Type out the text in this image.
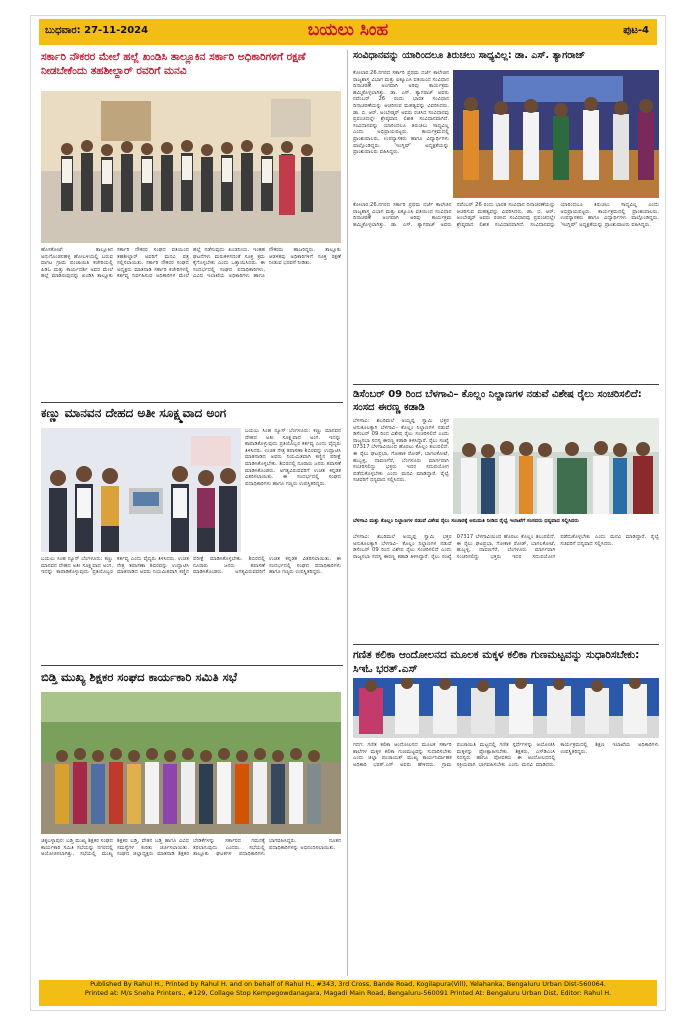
ಬುಧವಾರ: 27-11-2024	ಬಯಲು ಸಿಂಹ	ಪುಟ-4
ಸರ್ಕಾರಿ ನೌಕರರ ಮೇಲೆ ಹಲ್ಲೆ ಖಂಡಿಸಿ ತಾಲ್ಲೂಕಿನ ಸರ್ಕಾರಿ ಅಧಿಕಾರಿಗಳಿಗೆ ರಕ್ಷಣೆ ನೀಡಬೇಕೆಂದು ತಹಶೀಲ್ದಾರ್ ರವರಿಗೆ ಮನವಿ
ಹೊಸಕೋಟೆ: ತಾಲ್ಲೂಕಿನ ಅನುಗೊಂಡನಹಳ್ಳಿ ಹೋಬಳಿಯಲ್ಲಿ ಬರುವ ವಾಗಟ ಗ್ರಾಮ ಪಂಚಾಯಿತಿ ಕಚೇರಿಯಲ್ಲಿ ಪಿಡಿಓ ಮತ್ತು ಕಾರ್ಯದರ್ಶಿ ಅವರ ಮೇಲೆ ಹಲ್ಲೆ ಮಾಡಿರುವುದನ್ನು ಖಂಡಿಸಿ ತಾಲ್ಲೂಕು ಸರ್ಕಾರಿ ನೌಕರರ ಸಂಘದ ವತಿಯಿಂದ ತಹಶೀಲ್ದಾರ್ ಅವರಿಗೆ ಮನವಿ ಪತ್ರ ಸಲ್ಲಿಸಲಾಯಿತು. ಸರ್ಕಾರಿ ನೌಕರರ ಸಂಘದ ಅಧ್ಯಕ್ಷರು ಮಾತನಾಡಿ ಸರ್ಕಾರಿ ಕಚೇರಿಗಳಲ್ಲಿ ಕರ್ತವ್ಯ ನಿರ್ವಹಿಸುವ ಅಧಿಕಾರಿಗಳ ಮೇಲೆ ಹಲ್ಲೆ ನಡೆಸುವುದು ಖಂಡನೀಯ. ಇಂತಹ ಘಟನೆಗಳು ಮರುಕಳಿಸದಂತೆ ಸೂಕ್ತ ಕ್ರಮ ಕೈಗೊಳ್ಳಬೇಕು ಎಂದು ಒತ್ತಾಯಿಸಿದರು. ಈ ಸಂದರ್ಭದಲ್ಲಿ ಸಂಘದ ಪದಾಧಿಕಾರಿಗಳು, ವಿವಿಧ ಇಲಾಖೆಯ ಅಧಿಕಾರಿಗಳು ಹಾಗೂ ನೌಕರರು ಹಾಜರಿದ್ದರು. ತಾಲ್ಲೂಕು ಆಡಳಿತವು ಅಧಿಕಾರಿಗಳಿಗೆ ಸೂಕ್ತ ರಕ್ಷಣೆ ನೀಡುವ ಭರವಸೆ ನೀಡಿತು.
ಕಣ್ಣು ಮಾನವನ ದೇಹದ ಅತೀ ಸೂಕ್ಷ್ಮವಾದ ಅಂಗ
ಬಯಲು ಸಿಂಹ ನ್ಯೂಸ್ ಬೆಂಗಳೂರು: ಕಣ್ಣು ಮಾನವನ ದೇಹದ ಅತೀ ಸೂಕ್ಷ್ಮವಾದ ಅಂಗ. ಇದನ್ನು ಕಾಪಾಡಿಕೊಳ್ಳುವುದು ಪ್ರತಿಯೊಬ್ಬರ ಕರ್ತವ್ಯ ಎಂದು ವೈದ್ಯರು ತಿಳಿಸಿದರು. ಉಚಿತ ನೇತ್ರ ತಪಾಸಣಾ ಶಿಬಿರವನ್ನು ಉದ್ಘಾಟಿಸಿ ಮಾತನಾಡಿದ ಅವರು ನಿಯಮಿತವಾಗಿ ಕಣ್ಣಿನ ಪರೀಕ್ಷೆ ಮಾಡಿಸಿಕೊಳ್ಳಬೇಕು. ಶಿಬಿರದಲ್ಲಿ ನೂರಾರು ಜನರು ತಪಾಸಣೆ ಮಾಡಿಸಿಕೊಂಡರು. ಅಗತ್ಯವಿರುವವರಿಗೆ ಉಚಿತ ಕನ್ನಡಕ ವಿತರಿಸಲಾಯಿತು. ಈ ಸಂದರ್ಭದಲ್ಲಿ ಸಂಘದ ಪದಾಧಿಕಾರಿಗಳು ಹಾಗೂ ಗಣ್ಯರು ಉಪಸ್ಥಿತರಿದ್ದರು.
ಬಯಲು ಸಿಂಹ ನ್ಯೂಸ್ ಬೆಂಗಳೂರು: ಕಣ್ಣು ಮಾನವನ ದೇಹದ ಅತೀ ಸೂಕ್ಷ್ಮವಾದ ಅಂಗ. ಇದನ್ನು ಕಾಪಾಡಿಕೊಳ್ಳುವುದು ಪ್ರತಿಯೊಬ್ಬರ ಕರ್ತವ್ಯ ಎಂದು ವೈದ್ಯರು ತಿಳಿಸಿದರು. ಉಚಿತ ನೇತ್ರ ತಪಾಸಣಾ ಶಿಬಿರವನ್ನು ಉದ್ಘಾಟಿಸಿ ಮಾತನಾಡಿದ ಅವರು ನಿಯಮಿತವಾಗಿ ಕಣ್ಣಿನ ಪರೀಕ್ಷೆ ಮಾಡಿಸಿಕೊಳ್ಳಬೇಕು. ಶಿಬಿರದಲ್ಲಿ ನೂರಾರು ಜನರು ತಪಾಸಣೆ ಮಾಡಿಸಿಕೊಂಡರು. ಅಗತ್ಯವಿರುವವರಿಗೆ ಉಚಿತ ಕನ್ನಡಕ ವಿತರಿಸಲಾಯಿತು. ಈ ಸಂದರ್ಭದಲ್ಲಿ ಸಂಘದ ಪದಾಧಿಕಾರಿಗಳು ಹಾಗೂ ಗಣ್ಯರು ಉಪಸ್ಥಿತರಿದ್ದರು.
ಬಿಡ್ತಿ ಮುಖ್ಯ ಶಿಕ್ಷಕರ ಸಂಘದ ಕಾರ್ಯಕಾರಿ ಸಮಿತಿ ಸಭೆ
ಚಿಕ್ಕಬಳ್ಳಾಪುರ: ಬಡ್ತಿ ಮುಖ್ಯ ಶಿಕ್ಷಕರ ಸಂಘದ ಕಾರ್ಯಕಾರಿ ಸಮಿತಿ ಸಭೆಯನ್ನು ನಗರದಲ್ಲಿ ಆಯೋಜಿಸಲಾಗಿತ್ತು. ಸಭೆಯಲ್ಲಿ ಮುಖ್ಯ ಶಿಕ್ಷಕರ ಬಡ್ತಿ, ವೇತನ ಬಡ್ತಿ ಹಾಗೂ ವಿವಿಧ ಸಮಸ್ಯೆಗಳ ಕುರಿತು ಚರ್ಚಿಸಲಾಯಿತು. ಸಂಘದ ಜಿಲ್ಲಾಧ್ಯಕ್ಷರು ಮಾತನಾಡಿ ಶಿಕ್ಷಕರ ಬೇಡಿಕೆಗಳನ್ನು ಸರ್ಕಾರದ ಗಮನಕ್ಕೆ ತರಲಾಗುವುದು ಎಂದರು. ಸಭೆಯಲ್ಲಿ ತಾಲ್ಲೂಕು ಘಟಕಗಳ ಪದಾಧಿಕಾರಿಗಳು ಭಾಗವಹಿಸಿದ್ದರು. ನೂತನ ಪದಾಧಿಕಾರಿಗಳನ್ನು ಅಭಿನಂದಿಸಲಾಯಿತು.
ಸಂವಿಧಾನವನ್ನು ಯಾರಿಂದಲೂ ತಿರುಚಲು ಸಾಧ್ಯವಿಲ್ಲ: ಡಾ. ಎಸ್. ತ್ಯಾಗರಾಜ್
ಕೋಲಾರ:26.ನಗರದ ಸರ್ಕಾರಿ ಪ್ರಥಮ ದರ್ಜೆ ಕಾಲೇಜಿನ ರಾಜ್ಯಶಾಸ್ತ್ರ ವಿಭಾಗ ಮತ್ತು ಐಕ್ಯೂಎಸಿ ವತಿಯಿಂದ ಸಂವಿಧಾನ ದಿನಾಚರಣೆ ಅಂಗವಾಗಿ ಅರಿವು ಕಾರ್ಯಕ್ರಮ ಹಮ್ಮಿಕೊಳ್ಳಲಾಗಿತ್ತು. ಡಾ. ಎಸ್. ತ್ಯಾಗರಾಜ್ ಅವರು ನವೆಂಬರ್ 26 ರಂದು ಭಾರತ ಸಂವಿಧಾನ ದಿನಾಚರಣೆಯನ್ನು ಆಚರಿಸುವ ಮಹತ್ವವನ್ನು ವಿವರಿಸಿದರು. ಡಾ. ಬಿ. ಆರ್. ಅಂಬೇಡ್ಕರ್ ಅವರು ರಚಿಸಿದ ಸಂವಿಧಾನವು ಪ್ರಪಂಚದಲ್ಲೇ ಶ್ರೇಷ್ಠವಾದ ಲಿಖಿತ ಸಂವಿಧಾನವಾಗಿದೆ. ಸಂವಿಧಾನವನ್ನು ಯಾರಿಂದಲೂ ತಿರುಚಲು ಸಾಧ್ಯವಿಲ್ಲ ಎಂದು ಅಭಿಪ್ರಾಯಪಟ್ಟರು. ಕಾರ್ಯಕ್ರಮದಲ್ಲಿ ಪ್ರಾಂಶುಪಾಲರು, ಉಪನ್ಯಾಸಕರು ಹಾಗೂ ವಿದ್ಯಾರ್ಥಿಗಳು ಪಾಲ್ಗೊಂಡಿದ್ದರು. 'ಇಂಗ್ಲಿಷ್' ಅಧ್ಯಕ್ಷತೆಯನ್ನು ಪ್ರಾಂಶುಪಾಲರು ವಹಿಸಿದ್ದರು.
ಕೋಲಾರ:26.ನಗರದ ಸರ್ಕಾರಿ ಪ್ರಥಮ ದರ್ಜೆ ಕಾಲೇಜಿನ ರಾಜ್ಯಶಾಸ್ತ್ರ ವಿಭಾಗ ಮತ್ತು ಐಕ್ಯೂಎಸಿ ವತಿಯಿಂದ ಸಂವಿಧಾನ ದಿನಾಚರಣೆ ಅಂಗವಾಗಿ ಅರಿವು ಕಾರ್ಯಕ್ರಮ ಹಮ್ಮಿಕೊಳ್ಳಲಾಗಿತ್ತು. ಡಾ. ಎಸ್. ತ್ಯಾಗರಾಜ್ ಅವರು ನವೆಂಬರ್ 26 ರಂದು ಭಾರತ ಸಂವಿಧಾನ ದಿನಾಚರಣೆಯನ್ನು ಆಚರಿಸುವ ಮಹತ್ವವನ್ನು ವಿವರಿಸಿದರು. ಡಾ. ಬಿ. ಆರ್. ಅಂಬೇಡ್ಕರ್ ಅವರು ರಚಿಸಿದ ಸಂವಿಧಾನವು ಪ್ರಪಂಚದಲ್ಲೇ ಶ್ರೇಷ್ಠವಾದ ಲಿಖಿತ ಸಂವಿಧಾನವಾಗಿದೆ. ಸಂವಿಧಾನವನ್ನು ಯಾರಿಂದಲೂ ತಿರುಚಲು ಸಾಧ್ಯವಿಲ್ಲ ಎಂದು ಅಭಿಪ್ರಾಯಪಟ್ಟರು. ಕಾರ್ಯಕ್ರಮದಲ್ಲಿ ಪ್ರಾಂಶುಪಾಲರು, ಉಪನ್ಯಾಸಕರು ಹಾಗೂ ವಿದ್ಯಾರ್ಥಿಗಳು ಪಾಲ್ಗೊಂಡಿದ್ದರು. 'ಇಂಗ್ಲಿಷ್' ಅಧ್ಯಕ್ಷತೆಯನ್ನು ಪ್ರಾಂಶುಪಾಲರು ವಹಿಸಿದ್ದರು.
ಡಿಸೆಂಬರ್ 09 ರಿಂದ ಬೆಳಗಾವಿ– ಕೊಲ್ಲಂ ನಿಲ್ದಾಣಗಳ ನಡುವೆ ವಿಶೇಷ ರೈಲು ಸಂಚರಿಸಲಿದೆ: ಸಂಸದ ಈರಣ್ಣ ಕಡಾಡಿ
ಬೆಳಗಾವಿ: ಶಬರಿಮಲೆ ಅಯ್ಯಪ್ಪ ಸ್ವಾಮಿ ಭಕ್ತರ ಅನುಕೂಲಕ್ಕಾಗಿ ಬೆಳಗಾವಿ– ಕೊಲ್ಲಂ ನಿಲ್ದಾಣಗಳ ನಡುವೆ ಡಿಸೆಂಬರ್ 09 ರಿಂದ ವಿಶೇಷ ರೈಲು ಸಂಚರಿಸಲಿದೆ ಎಂದು ರಾಜ್ಯಸಭಾ ಸದಸ್ಯ ಈರಣ್ಣ ಕಡಾಡಿ ತಿಳಿಸಿದ್ದಾರೆ. ರೈಲು ಸಂಖ್ಯೆ 07317 ಬೆಳಗಾವಿಯಿಂದ ಹೊರಟು ಕೊಲ್ಲಂ ತಲುಪಲಿದೆ. ಈ ರೈಲು ಘಟಪ್ರಭಾ, ಗೋಕಾಕ ರೋಡ್, ಬಾಗಲಕೋಟೆ, ಹುಬ್ಬಳ್ಳಿ, ದಾವಣಗೆರೆ, ಬೆಂಗಳೂರು ಮಾರ್ಗವಾಗಿ ಸಂಚರಿಸಲಿದ್ದು ಭಕ್ತರು ಇದರ ಸದುಪಯೋಗ ಪಡೆದುಕೊಳ್ಳಬೇಕು ಎಂದು ಮನವಿ ಮಾಡಿದ್ದಾರೆ. ರೈಲ್ವೆ ಸಚಿವರಿಗೆ ಧನ್ಯವಾದ ಸಲ್ಲಿಸಿದರು.
ಬೆಳಗಾವಿ ಮತ್ತು ಕೊಲ್ಲಂ ನಿಲ್ದಾಣಗಳ ನಡುವೆ ವಿಶೇಷ ರೈಲು ಸಂಚಾರಕ್ಕೆ ಅನುಮತಿ ನೀಡಿದ ರೈಲ್ವೆ ಇಲಾಖೆಗೆ ಸಂಸದರು ಧನ್ಯವಾದ ಸಲ್ಲಿಸಿದರು
ಬೆಳಗಾವಿ: ಶಬರಿಮಲೆ ಅಯ್ಯಪ್ಪ ಸ್ವಾಮಿ ಭಕ್ತರ ಅನುಕೂಲಕ್ಕಾಗಿ ಬೆಳಗಾವಿ– ಕೊಲ್ಲಂ ನಿಲ್ದಾಣಗಳ ನಡುವೆ ಡಿಸೆಂಬರ್ 09 ರಿಂದ ವಿಶೇಷ ರೈಲು ಸಂಚರಿಸಲಿದೆ ಎಂದು ರಾಜ್ಯಸಭಾ ಸದಸ್ಯ ಈರಣ್ಣ ಕಡಾಡಿ ತಿಳಿಸಿದ್ದಾರೆ. ರೈಲು ಸಂಖ್ಯೆ 07317 ಬೆಳಗಾವಿಯಿಂದ ಹೊರಟು ಕೊಲ್ಲಂ ತಲುಪಲಿದೆ. ಈ ರೈಲು ಘಟಪ್ರಭಾ, ಗೋಕಾಕ ರೋಡ್, ಬಾಗಲಕೋಟೆ, ಹುಬ್ಬಳ್ಳಿ, ದಾವಣಗೆರೆ, ಬೆಂಗಳೂರು ಮಾರ್ಗವಾಗಿ ಸಂಚರಿಸಲಿದ್ದು ಭಕ್ತರು ಇದರ ಸದುಪಯೋಗ ಪಡೆದುಕೊಳ್ಳಬೇಕು ಎಂದು ಮನವಿ ಮಾಡಿದ್ದಾರೆ. ರೈಲ್ವೆ ಸಚಿವರಿಗೆ ಧನ್ಯವಾದ ಸಲ್ಲಿಸಿದರು.
ಗಣಿತ ಕಲಿಕಾ ಆಂದೋಲನದ ಮೂಲಕ ಮಕ್ಕಳ ಕಲಿಕಾ ಗುಣಮಟ್ಟವನ್ನು ಸುಧಾರಿಸಬೇಕು: ಸಿಇಓ ಭರತ್.ಎಸ್
ಗದಗ: ಗಣಿತ ಕಲಿಕಾ ಆಂದೋಲನದ ಮೂಲಕ ಸರ್ಕಾರಿ ಶಾಲೆಗಳ ಮಕ್ಕಳ ಕಲಿಕಾ ಗುಣಮಟ್ಟವನ್ನು ಸುಧಾರಿಸಬೇಕು ಎಂದು ಜಿಲ್ಲಾ ಪಂಚಾಯತ್ ಮುಖ್ಯ ಕಾರ್ಯನಿರ್ವಾಹಕ ಅಧಿಕಾರಿ ಭರತ್.ಎಸ್ ಅವರು ಹೇಳಿದರು. ಗ್ರಾಮ ಪಂಚಾಯಿತಿ ಮಟ್ಟದಲ್ಲಿ ಗಣಿತ ಸ್ಪರ್ಧೆಗಳನ್ನು ಆಯೋಜಿಸಿ ಮಕ್ಕಳನ್ನು ಪ್ರೋತ್ಸಾಹಿಸಬೇಕು. ಶಿಕ್ಷಕರು, ಎಸ್‌ಡಿಎಂಸಿ ಸದಸ್ಯರು ಹಾಗೂ ಪೋಷಕರು ಈ ಆಂದೋಲನದಲ್ಲಿ ಸಕ್ರಿಯವಾಗಿ ಭಾಗವಹಿಸಬೇಕು ಎಂದು ಮನವಿ ಮಾಡಿದರು. ಕಾರ್ಯಕ್ರಮದಲ್ಲಿ ಶಿಕ್ಷಣ ಇಲಾಖೆಯ ಅಧಿಕಾರಿಗಳು ಉಪಸ್ಥಿತರಿದ್ದರು.
Published By Rahul H., Printed by Rahul H. and on behalf of Rahul H., #343, 3rd Cross, Bande Road, Kogilapura(Vill), Yelahanka, Bengaluru Urban Dist-560064.
Printed at: M/s Sneha Printers., #129, Collage Stop Kempegowdanagara, Magadi Main Road, Bengaluru-560091 Printed At: Bengaluru Urban Dist, Editor: Rahul H.
